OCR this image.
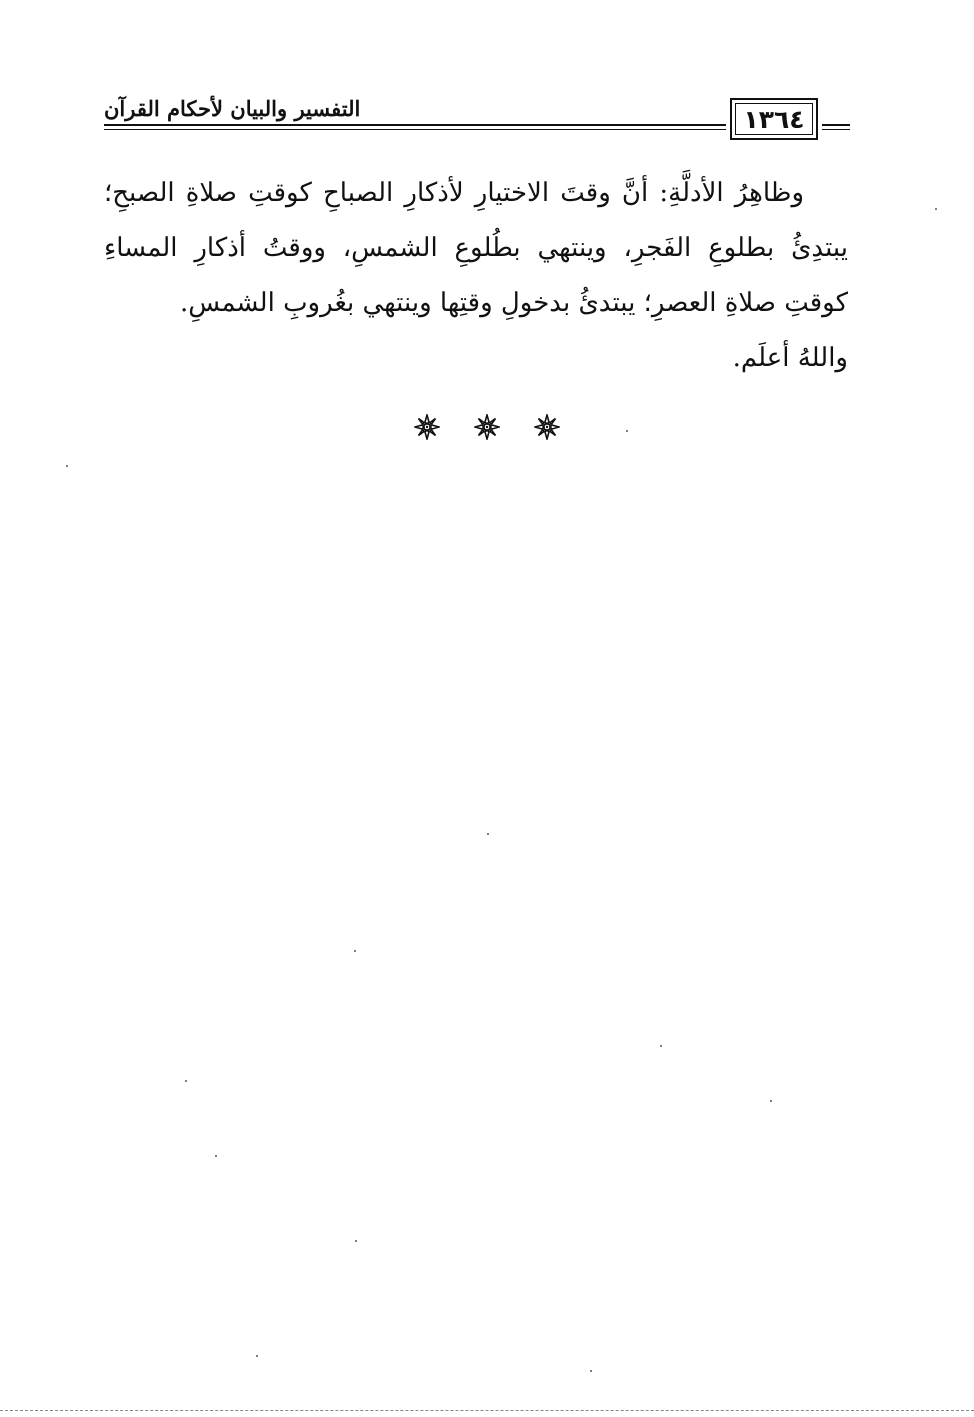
التفسير والبيان لأحكام القرآن	١٣٦٤

وظاهِرُ الأدلَّةِ: أنَّ وقتَ الاختيارِ لأذكارِ الصباحِ كوقتِ صلاةِ الصبحِ؛ يبتدِئُ بطلوعِ الفَجرِ، وينتهي بطُلوعِ الشمسِ، ووقتُ أذكارِ المساءِ كوقتِ صلاةِ العصرِ؛ يبتدئُ بدخولِ وقتِها وينتهي بغُروبِ الشمسِ.

واللهُ أعلَم.
